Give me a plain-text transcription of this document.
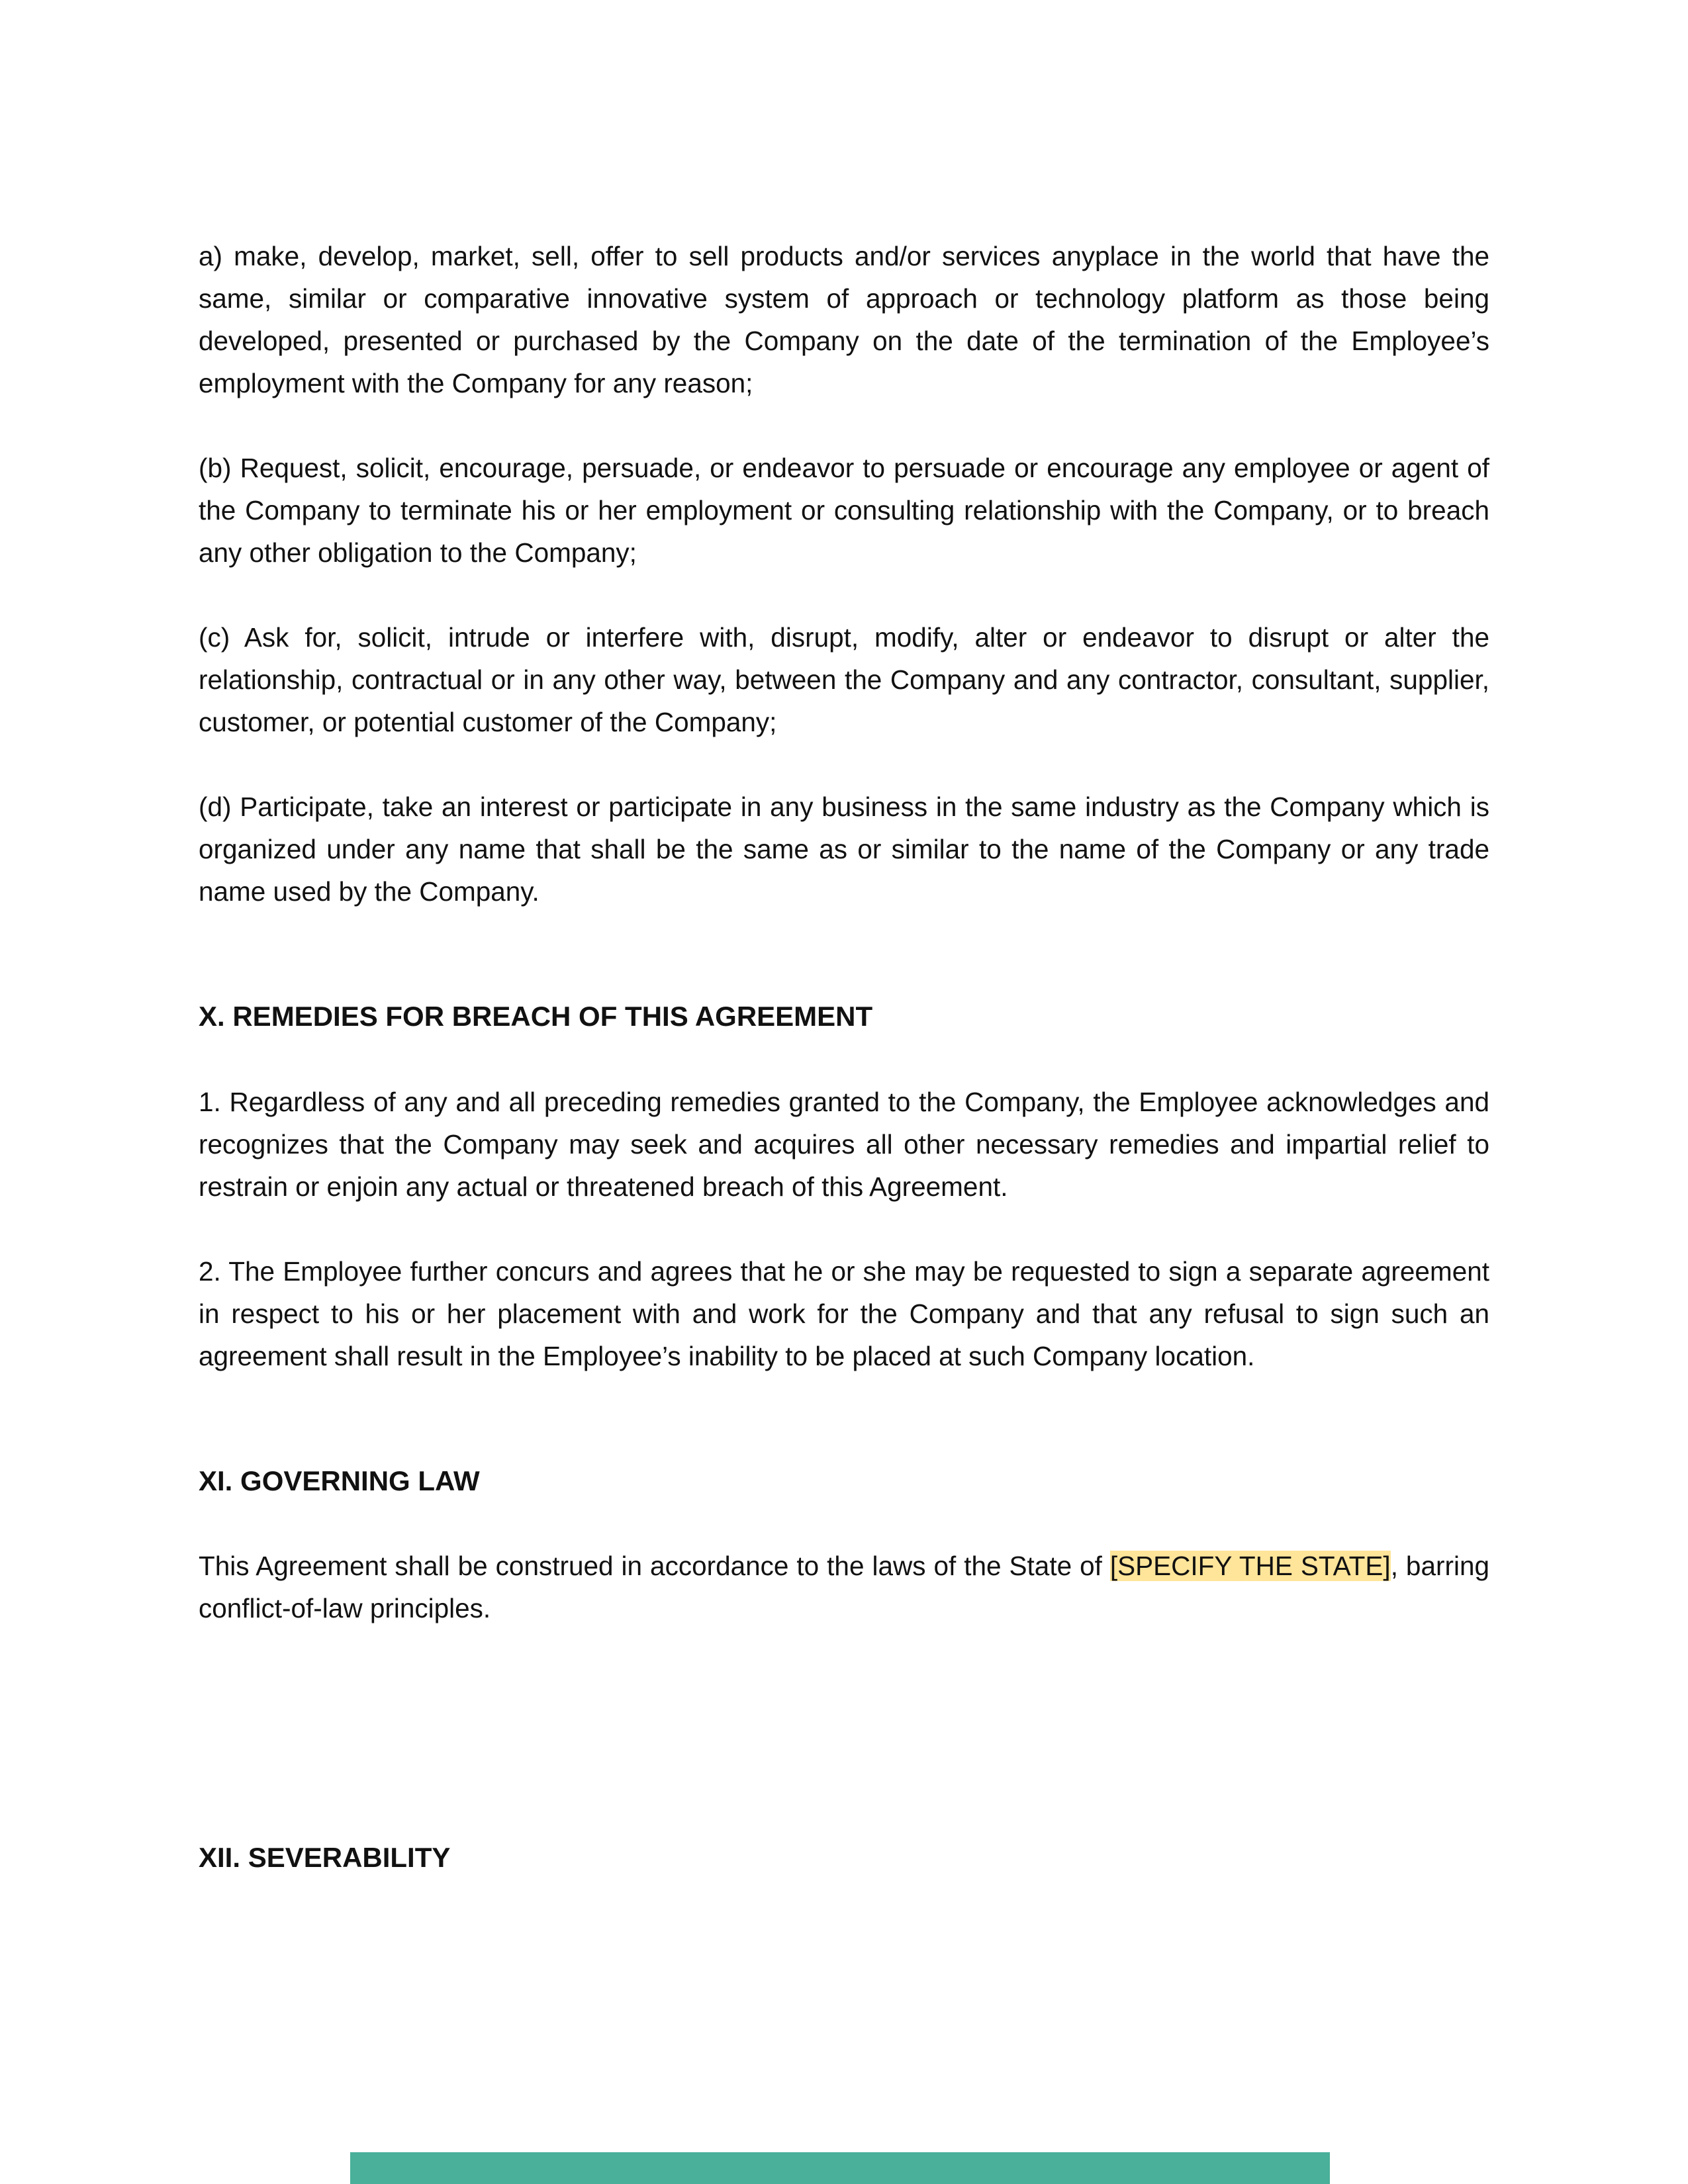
a) make, develop, market, sell, offer to sell products and/or services anyplace in the world that have the same, similar or comparative innovative system of approach or technology platform as those being developed, presented or purchased by the Company on the date of the termination of the Employee’s employment with the Company for any reason;

(b) Request, solicit, encourage, persuade, or endeavor to persuade or encourage any employee or agent of the Company to terminate his or her employment or consulting relationship with the Company, or to breach any other obligation to the Company;

(c) Ask for, solicit, intrude or interfere with, disrupt, modify, alter or endeavor to disrupt or alter the relationship, contractual or in any other way, between the Company and any contractor, consultant, supplier, customer, or potential customer of the Company;

(d) Participate, take an interest or participate in any business in the same industry as the Company which is organized under any name that shall be the same as or similar to the name of the Company or any trade name used by the Company.

X. REMEDIES FOR BREACH OF THIS AGREEMENT

1. Regardless of any and all preceding remedies granted to the Company, the Employee acknowledges and recognizes that the Company may seek and acquires all other necessary remedies and impartial relief to restrain or enjoin any actual or threatened breach of this Agreement.

2. The Employee further concurs and agrees that he or she may be requested to sign a separate agreement in respect to his or her placement with and work for the Company and that any refusal to sign such an agreement shall result in the Employee’s inability to be placed at such Company location.

XI. GOVERNING LAW

This Agreement shall be construed in accordance to the laws of the State of [SPECIFY THE STATE], barring conflict-of-law principles.

XII. SEVERABILITY
